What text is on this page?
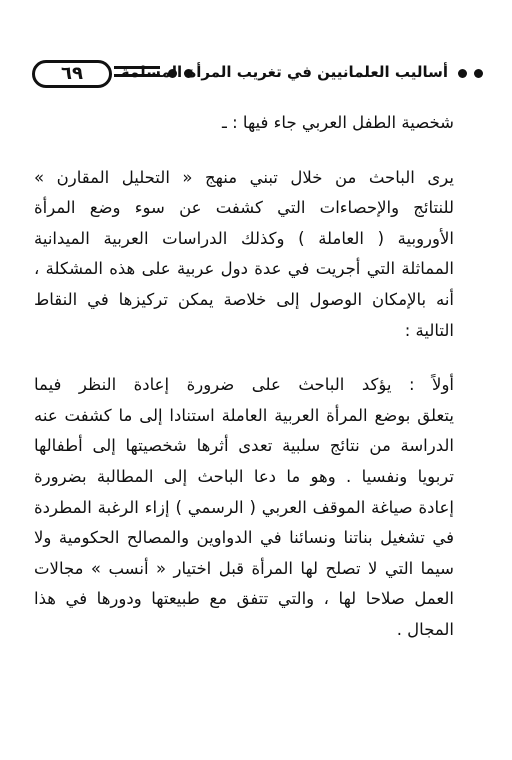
٦٩	أساليب العلمانيين في تغريب المرأة المسلمة
شخصية الطفل العربي جاء فيها : ـ
يرى الباحث من خلال تبني منهج « التحليل المقارن »
للنتائج والإحصاءات التي كشفت عن سوء وضع المرأة
الأوروبية ( العاملة ) وكذلك الدراسات العربية الميدانية
المماثلة التي أجريت في عدة دول عربية على هذه المشكلة ،
أنه بالإمكان الوصول إلى خلاصة يمكن تركيزها في النقاط
التالية :
أولاً : يؤكد الباحث على ضرورة إعادة النظر فيما
يتعلق بوضع المرأة العربية العاملة استنادا إلى ما كشفت عنه
الدراسة من نتائج سلبية تعدى أثرها شخصيتها إلى أطفالها
تربويا ونفسيا . وهو ما دعا الباحث إلى المطالبة بضرورة
إعادة صياغة الموقف العربي ( الرسمي ) إزاء الرغبة المطردة
في تشغيل بناتنا ونسائنا في الدواوين والمصالح الحكومية ولا
سيما التي لا تصلح لها المرأة قبل اختيار « أنسب » مجالات
العمل صلاحا لها ، والتي تتفق مع طبيعتها ودورها في هذا
المجال .
